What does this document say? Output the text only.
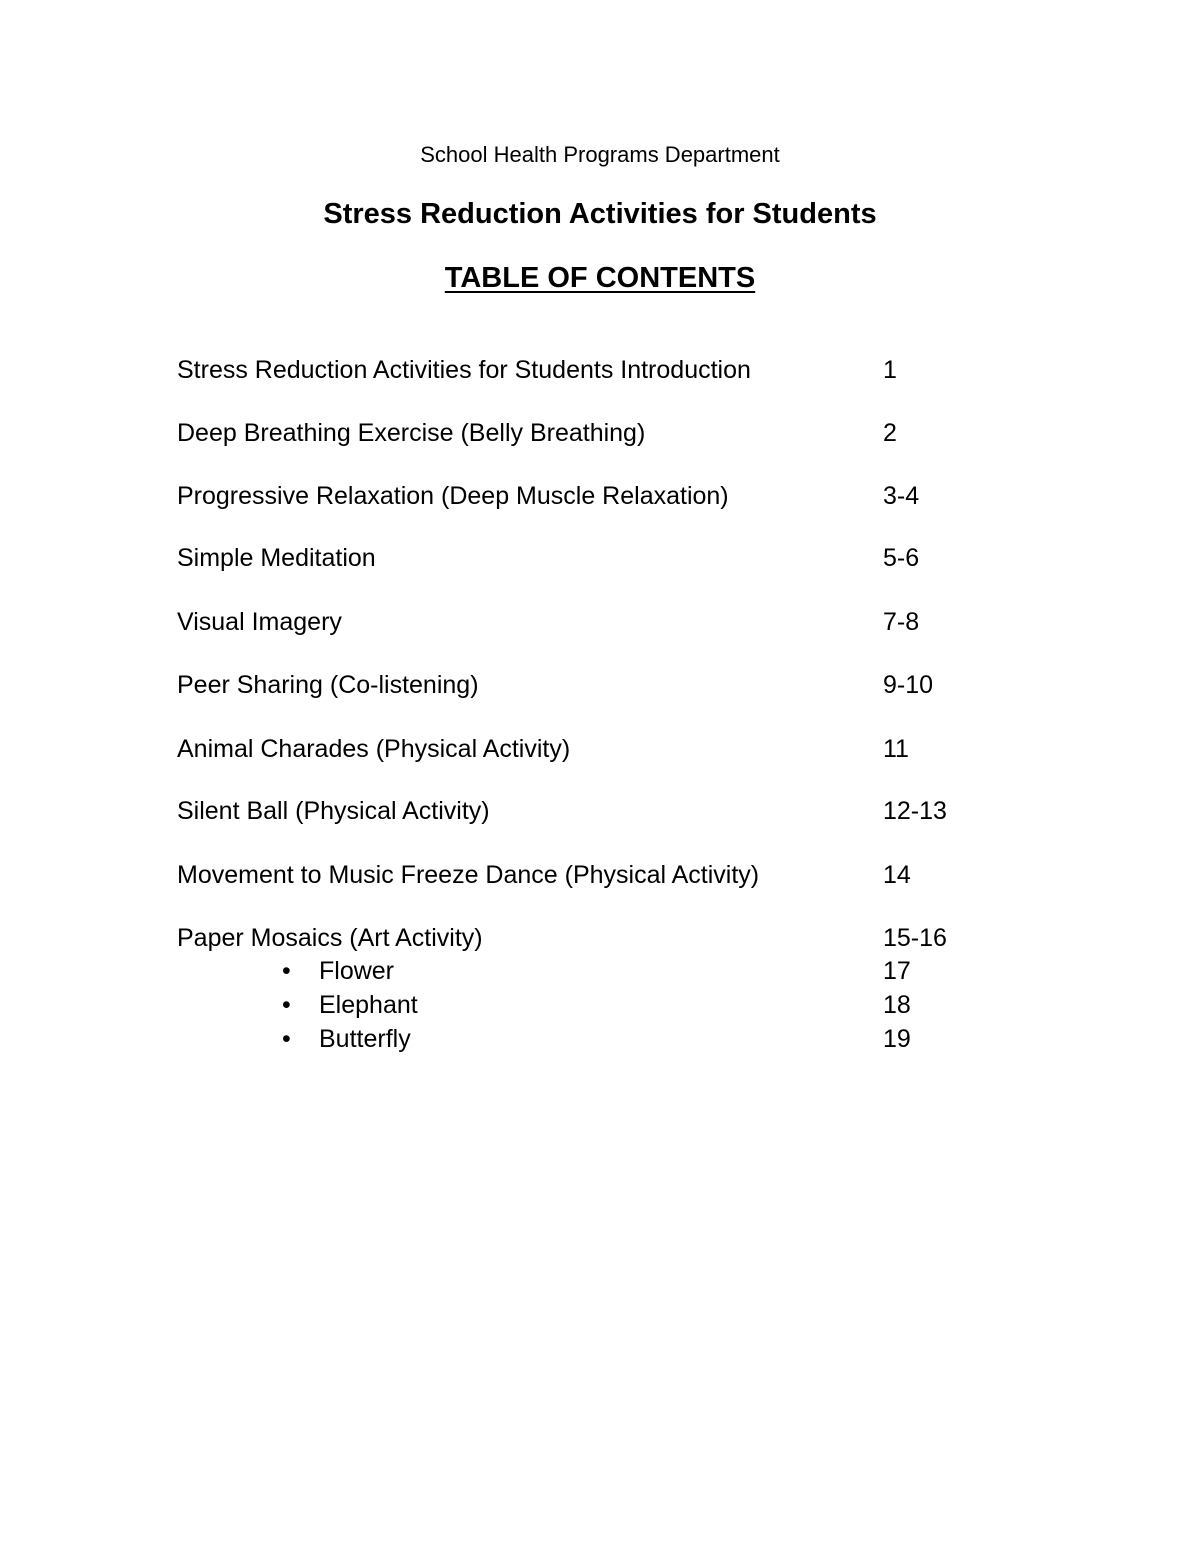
School Health Programs Department
Stress Reduction Activities for Students
TABLE OF CONTENTS
Stress Reduction Activities for Students Introduction	1
Deep Breathing Exercise (Belly Breathing)	2
Progressive Relaxation (Deep Muscle Relaxation)	3-4
Simple Meditation	5-6
Visual Imagery	7-8
Peer Sharing (Co-listening)	9-10
Animal Charades (Physical Activity)	11
Silent Ball (Physical Activity)	12-13
Movement to Music Freeze Dance (Physical Activity)	14
Paper Mosaics (Art Activity)	15-16
• Flower	17
• Elephant	18
• Butterfly	19
